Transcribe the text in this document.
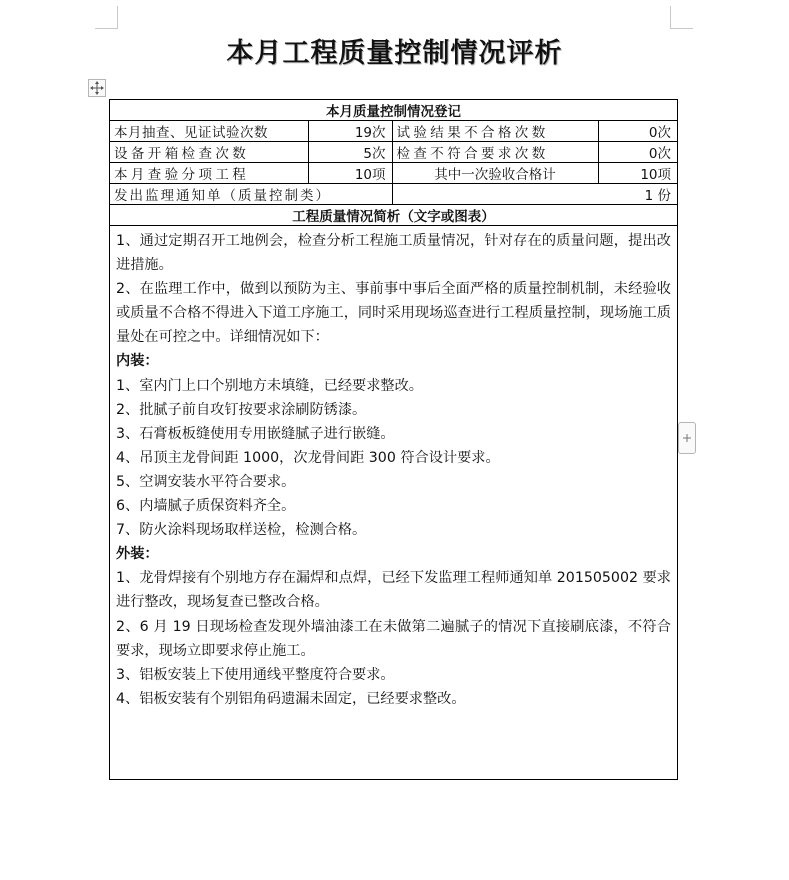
本月工程质量控制情况评析
本月质量控制情况登记			
本月抽查、见证试验次数	19次	试验结果不合格次数	0次
设备开箱检查次数	5次	检查不符合要求次数	0次
本月查验分项工程	10项	其中一次验收合格计	10项
发出监理通知单（质量控制类）		1 份	
工程质量情况简析（文字或图表）			

1、通过定期召开工地例会，检查分析工程施工质量情况，针对存在的质量问题，提出改进措施。

2、在监理工作中，做到以预防为主、事前事中事后全面严格的质量控制机制，未经验收或质量不合格不得进入下道工序施工，同时采用现场巡查进行工程质量控制，现场施工质量处在可控之中。详细情况如下：

内装：

1、室内门上口个别地方未填缝，已经要求整改。

2、批腻子前自攻钉按要求涂刷防锈漆。

3、石膏板板缝使用专用嵌缝腻子进行嵌缝。

4、吊顶主龙骨间距 1000，次龙骨间距 300 符合设计要求。

5、空调安装水平符合要求。

6、内墙腻子质保资料齐全。

7、防火涂料现场取样送检，检测合格。

外装：

1、龙骨焊接有个别地方存在漏焊和点焊，已经下发监理工程师通知单 201505002 要求进行整改，现场复查已整改合格。

2、6 月 19 日现场检查发现外墙油漆工在未做第二遍腻子的情况下直接刷底漆，不符合要求，现场立即要求停止施工。

3、铝板安装上下使用通线平整度符合要求。

4、铝板安装有个别铝角码遗漏未固定，已经要求整改。
